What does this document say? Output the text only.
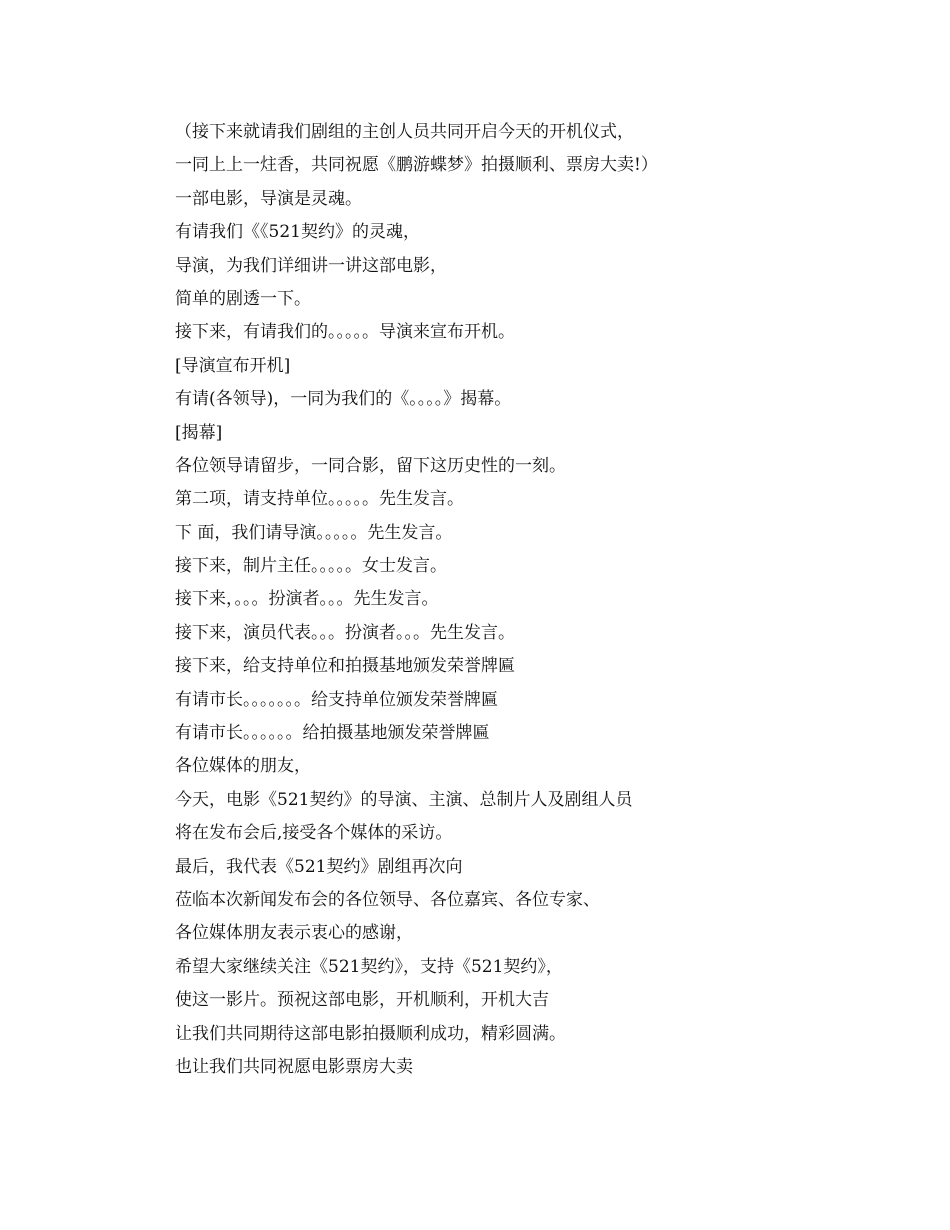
（接下来就请我们剧组的主创人员共同开启今天的开机仪式，
一同上上一炷香，共同祝愿《鹏游蝶梦》拍摄顺利、票房大卖!）
一部电影，导演是灵魂。
有请我们《《521契约》的灵魂，
导演，为我们详细讲一讲这部电影，
简单的剧透一下。
接下来，有请我们的。。。。。导演来宣布开机。
[导演宣布开机]
有请(各领导)，一同为我们的《。。。。》揭幕。
[揭幕]
各位领导请留步，一同合影，留下这历史性的一刻。
第二项，请支持单位。。。。。先生发言。
下 面，我们请导演。。。。。先生发言。
接下来，制片主任。。。。。女士发言。
接下来，。。。扮演者。。。先生发言。
接下来，演员代表。。。扮演者。。。先生发言。
接下来，给支持单位和拍摄基地颁发荣誉牌匾
有请市长。。。。。。。给支持单位颁发荣誉牌匾
有请市长。。。。。。给拍摄基地颁发荣誉牌匾
各位媒体的朋友，
今天，电影《521契约》的导演、主演、总制片人及剧组人员
将在发布会后,接受各个媒体的采访。
最后，我代表《521契约》剧组再次向
莅临本次新闻发布会的各位领导、各位嘉宾、各位专家、
各位媒体朋友表示衷心的感谢，
希望大家继续关注《521契约》，支持《521契约》，
使这一影片。预祝这部电影，开机顺利，开机大吉
让我们共同期待这部电影拍摄顺利成功，精彩圆满。
也让我们共同祝愿电影票房大卖
